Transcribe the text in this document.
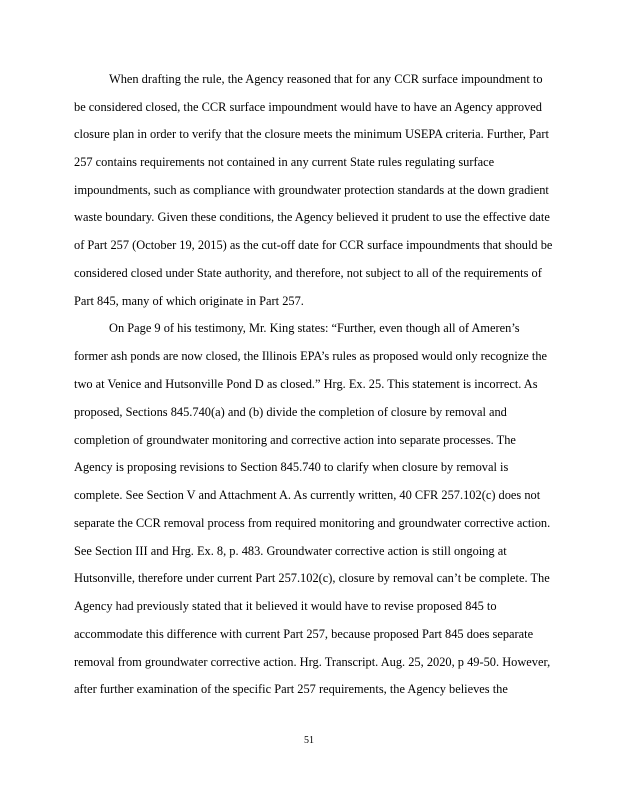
When drafting the rule, the Agency reasoned that for any CCR surface impoundment to

be considered closed, the CCR surface impoundment would have to have an Agency approved

closure plan in order to verify that the closure meets the minimum USEPA criteria. Further, Part

257 contains requirements not contained in any current State rules regulating surface

impoundments, such as compliance with groundwater protection standards at the down gradient

waste boundary. Given these conditions, the Agency believed it prudent to use the effective date

of Part 257 (October 19, 2015) as the cut-off date for CCR surface impoundments that should be

considered closed under State authority, and therefore, not subject to all of the requirements of

Part 845, many of which originate in Part 257.

On Page 9 of his testimony, Mr. King states: “Further, even though all of Ameren’s

former ash ponds are now closed, the Illinois EPA’s rules as proposed would only recognize the

two at Venice and Hutsonville Pond D as closed.” Hrg. Ex. 25. This statement is incorrect. As

proposed, Sections 845.740(a) and (b) divide the completion of closure by removal and

completion of groundwater monitoring and corrective action into separate processes. The

Agency is proposing revisions to Section 845.740 to clarify when closure by removal is

complete. See Section V and Attachment A. As currently written, 40 CFR 257.102(c) does not

separate the CCR removal process from required monitoring and groundwater corrective action.

See Section III and Hrg. Ex. 8, p. 483. Groundwater corrective action is still ongoing at

Hutsonville, therefore under current Part 257.102(c), closure by removal can’t be complete. The

Agency had previously stated that it believed it would have to revise proposed 845 to

accommodate this difference with current Part 257, because proposed Part 845 does separate

removal from groundwater corrective action. Hrg. Transcript. Aug. 25, 2020, p 49-50. However,

after further examination of the specific Part 257 requirements, the Agency believes the

51
